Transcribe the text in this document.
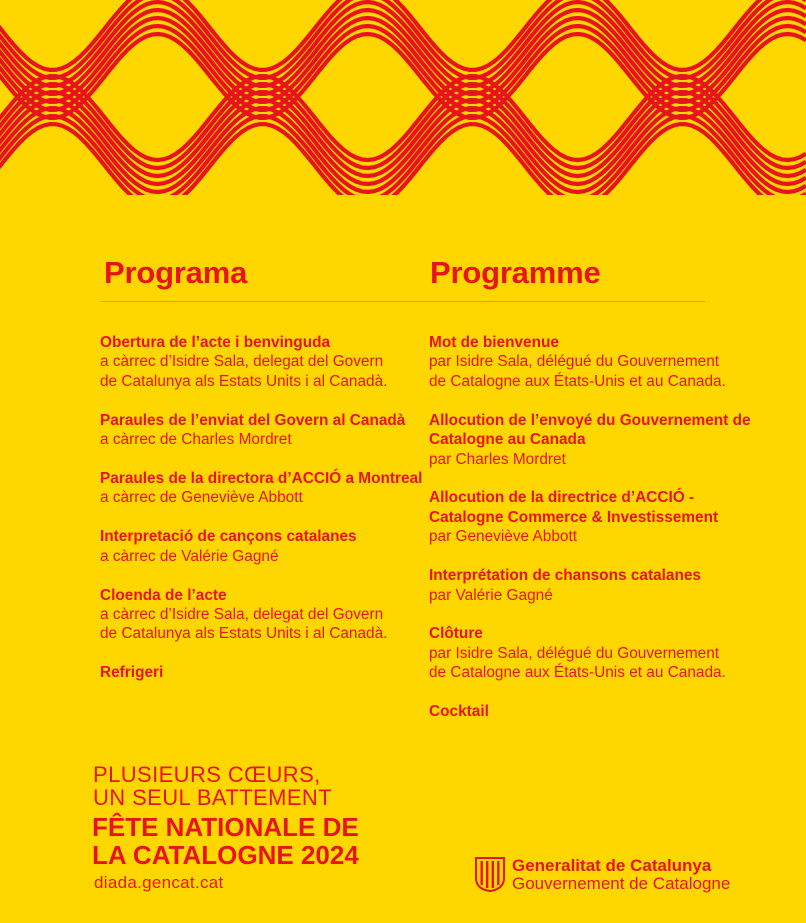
Programa	Programme
Obertura de l’acte i benvinguda
a càrrec d’Isidre Sala, delegat del Govern
de Catalunya als Estats Units i al Canadà.
Paraules de l’enviat del Govern al Canadà
a càrrec de Charles Mordret
Paraules de la directora d’ACCIÓ a Montreal
a càrrec de Geneviève Abbott
Interpretació de cançons catalanes
a càrrec de Valérie Gagné
Cloenda de l’acte
a càrrec d’Isidre Sala, delegat del Govern
de Catalunya als Estats Units i al Canadà.
Refrigeri
Mot de bienvenue
par Isidre Sala, délégué du Gouvernement
de Catalogne aux États-Unis et au Canada.
Allocution de l’envoyé du Gouvernement de Catalogne au Canada
par Charles Mordret
Allocution de la directrice d’ACCIÓ - Catalogne Commerce & Investissement
par Geneviève Abbott
Interprétation de chansons catalanes
par Valérie Gagné
Clôture
par Isidre Sala, délégué du Gouvernement
de Catalogne aux États-Unis et au Canada.
Cocktail
PLUSIEURS CŒURS,
UN SEUL BATTEMENT
FÊTE NATIONALE DE
LA CATALOGNE 2024
diada.gencat.cat
Generalitat de Catalunya
Gouvernement de Catalogne
